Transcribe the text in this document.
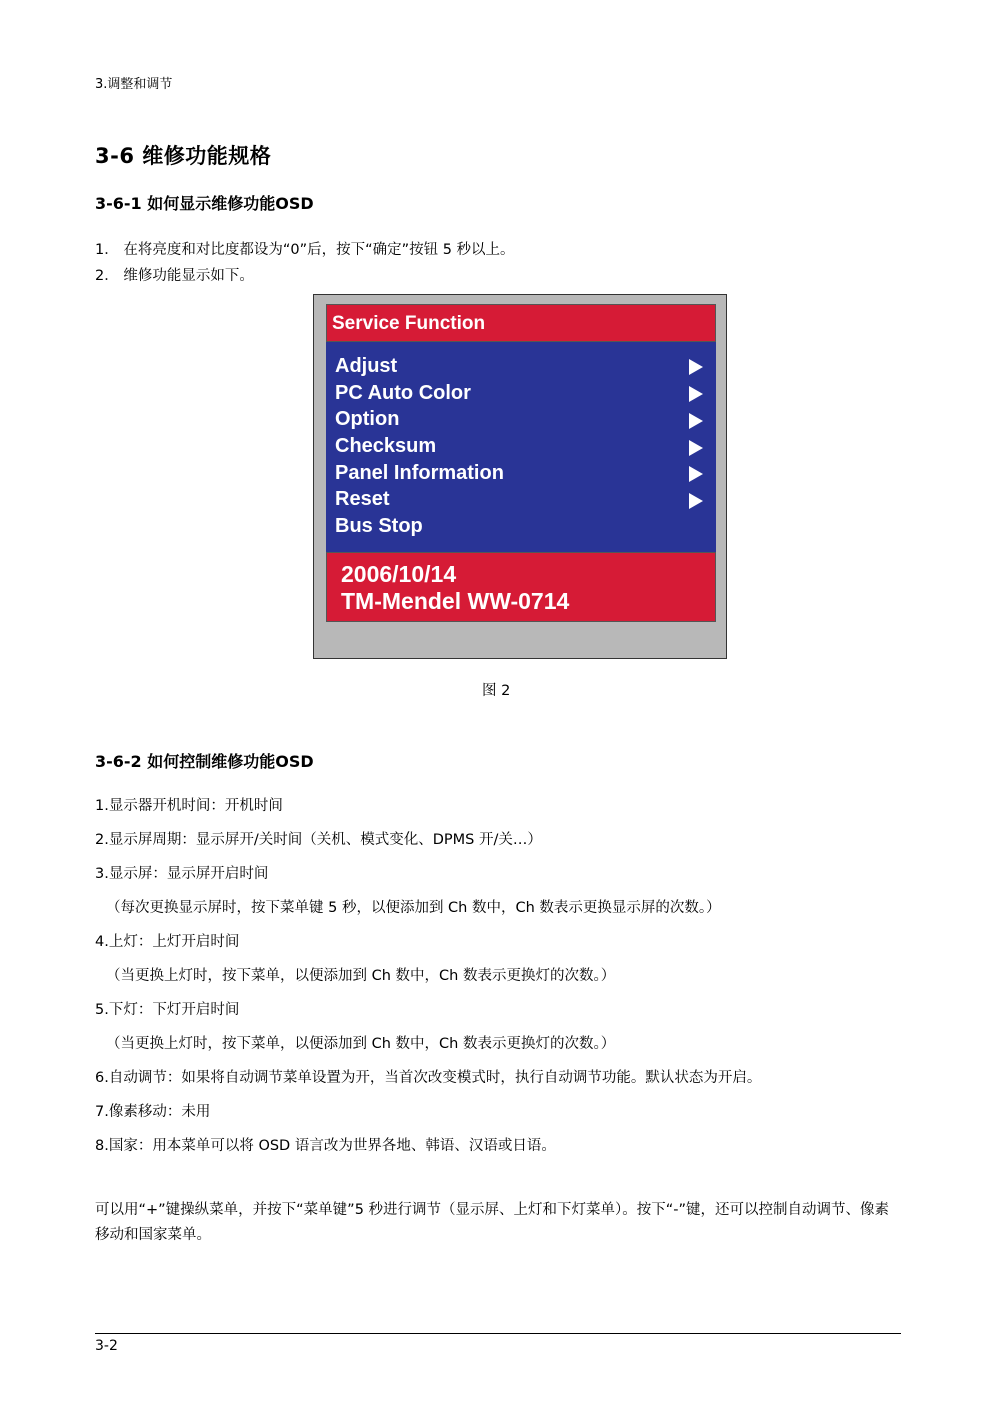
3.调整和调节
3-6 维修功能规格
3-6-1 如何显示维修功能OSD
1． 在将亮度和对比度都设为“0”后，按下“确定”按钮 5 秒以上。
2． 维修功能显示如下。
Service Function
Adjust
PC Auto Color
Option
Checksum
Panel Information
Reset
Bus Stop
2006/10/14
TM-Mendel WW-0714
图 2
3-6-2 如何控制维修功能OSD
1.显示器开机时间：开机时间
2.显示屏周期：显示屏开/关时间（关机、模式变化、DPMS 开/关…）
3.显示屏：显示屏开启时间
（每次更换显示屏时，按下菜单键 5 秒，以便添加到 Ch 数中，Ch 数表示更换显示屏的次数。）
4.上灯：上灯开启时间
（当更换上灯时，按下菜单，以便添加到 Ch 数中，Ch 数表示更换灯的次数。）
5.下灯：下灯开启时间
（当更换上灯时，按下菜单，以便添加到 Ch 数中，Ch 数表示更换灯的次数。）
6.自动调节：如果将自动调节菜单设置为开，当首次改变模式时，执行自动调节功能。默认状态为开启。
7.像素移动：未用
8.国家：用本菜单可以将 OSD 语言改为世界各地、韩语、汉语或日语。
可以用“+”键操纵菜单，并按下“菜单键”5 秒进行调节（显示屏、上灯和下灯菜单）。按下“-”键，还可以控制自动调节、像素移动和国家菜单。
3-2
